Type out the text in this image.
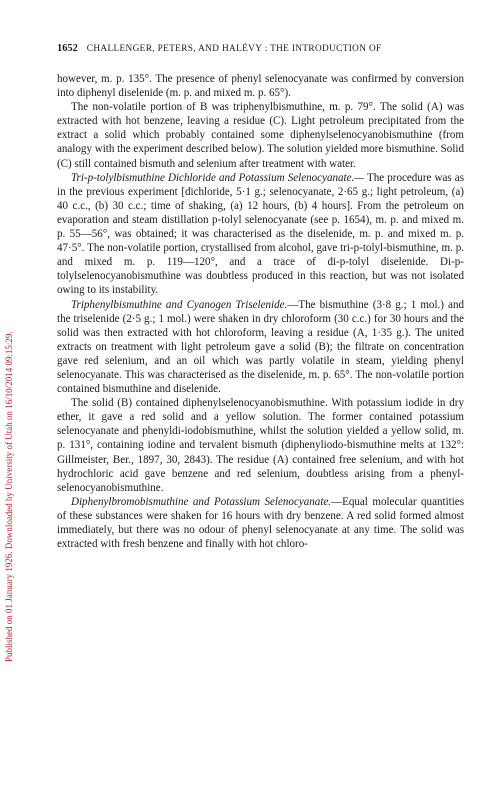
1652 CHALLENGER, PETERS, AND HALÉVY : THE INTRODUCTION OF
Published on 01 January 1926. Downloaded by University of Utah on 16/10/2014 09:15:29.

however, m. p. 135°. The presence of phenyl selenocyanate was confirmed by conversion into diphenyl diselenide (m. p. and mixed m. p. 65°).

The non-volatile portion of B was triphenylbismuthine, m. p. 79°. The solid (A) was extracted with hot benzene, leaving a residue (C). Light petroleum precipitated from the extract a solid which probably contained some diphenylselenocyanobismuthine (from analogy with the experiment described below). The solution yielded more bismuthine. Solid (C) still contained bismuth and selenium after treatment with water.

Tri-p-tolylbismuthine Dichloride and Potassium Selenocyanate.— The procedure was as in the previous experiment [dichloride, 5·1 g.; selenocyanate, 2·65 g.; light petroleum, (a) 40 c.c., (b) 30 c.c.; time of shaking, (a) 12 hours, (b) 4 hours]. From the petroleum on evaporation and steam distillation p-tolyl selenocyanate (see p. 1654), m. p. and mixed m. p. 55—56°, was obtained; it was characterised as the diselenide, m. p. and mixed m. p. 47·5°. The non-volatile portion, crystallised from alcohol, gave tri-p-tolyl-bismuthine, m. p. and mixed m. p. 119—120°, and a trace of di-p-tolyl diselenide. Di-p-tolylselenocyanobismuthine was doubtless produced in this reaction, but was not isolated owing to its instability.

Triphenylbismuthine and Cyanogen Triselenide.—The bismuthine (3·8 g.; 1 mol.) and the triselenide (2·5 g.; 1 mol.) were shaken in dry chloroform (30 c.c.) for 30 hours and the solid was then extracted with hot chloroform, leaving a residue (A, 1·35 g.). The united extracts on treatment with light petroleum gave a solid (B); the filtrate on concentration gave red selenium, and an oil which was partly volatile in steam, yielding phenyl selenocyanate. This was characterised as the diselenide, m. p. 65°. The non-volatile portion contained bismuthine and diselenide.

The solid (B) contained diphenylselenocyanobismuthine. With potassium iodide in dry ether, it gave a red solid and a yellow solution. The former contained potassium selenocyanate and phenyldi-iodobismuthine, whilst the solution yielded a yellow solid, m. p. 131°, containing iodine and tervalent bismuth (diphenyliodo-bismuthine melts at 132°: Gillmeister, Ber., 1897, 30, 2843). The residue (A) contained free selenium, and with hot hydrochloric acid gave benzene and red selenium, doubtless arising from a phenyl-selenocyanobismuthine.

Diphenylbromobismuthine and Potassium Selenocyanate.—Equal molecular quantities of these substances were shaken for 16 hours with dry benzene. A red solid formed almost immediately, but there was no odour of phenyl selenocyanate at any time. The solid was extracted with fresh benzene and finally with hot chloro-
